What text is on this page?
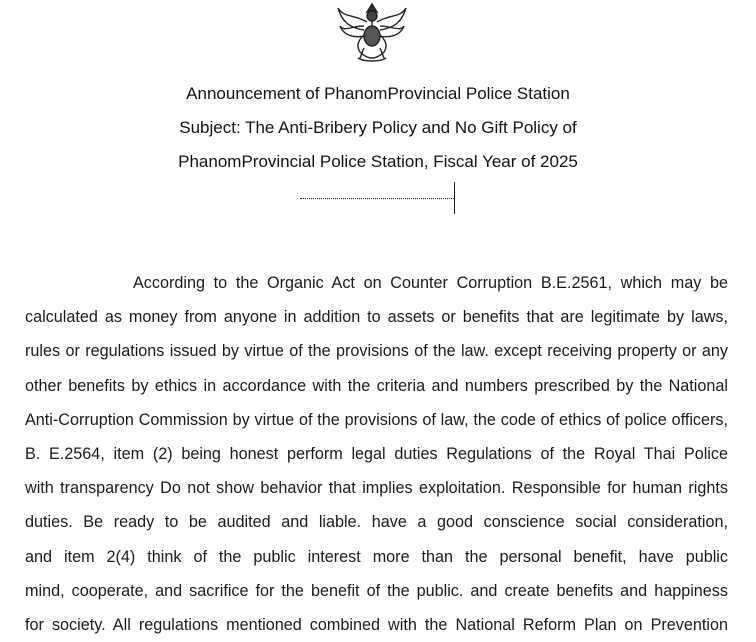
Announcement of PhanomProvincial Police Station
Subject: The Anti-Bribery Policy and No Gift Policy of
PhanomProvincial Police Station, Fiscal Year of 2025
According to the Organic Act on Counter Corruption B.E.2561, which may be
calculated as money from anyone in addition to assets or benefits that are legitimate by laws,
rules or regulations issued by virtue of the provisions of the law. except receiving property or any
other benefits by ethics in accordance with the criteria and numbers prescribed by the National
Anti-Corruption Commission by virtue of the provisions of law, the code of ethics of police officers,
B. E.2564, item (2) being honest perform legal duties Regulations of the Royal Thai Police
with transparency Do not show behavior that implies exploitation. Responsible for human rights
duties. Be ready to be audited and liable. have a good conscience social consideration,
and item 2(4) think of the public interest more than the personal benefit, have public
mind, cooperate, and sacrifice for the benefit of the public. and create benefits and happiness
for society. All regulations mentioned combined with the National Reform Plan on Prevention
